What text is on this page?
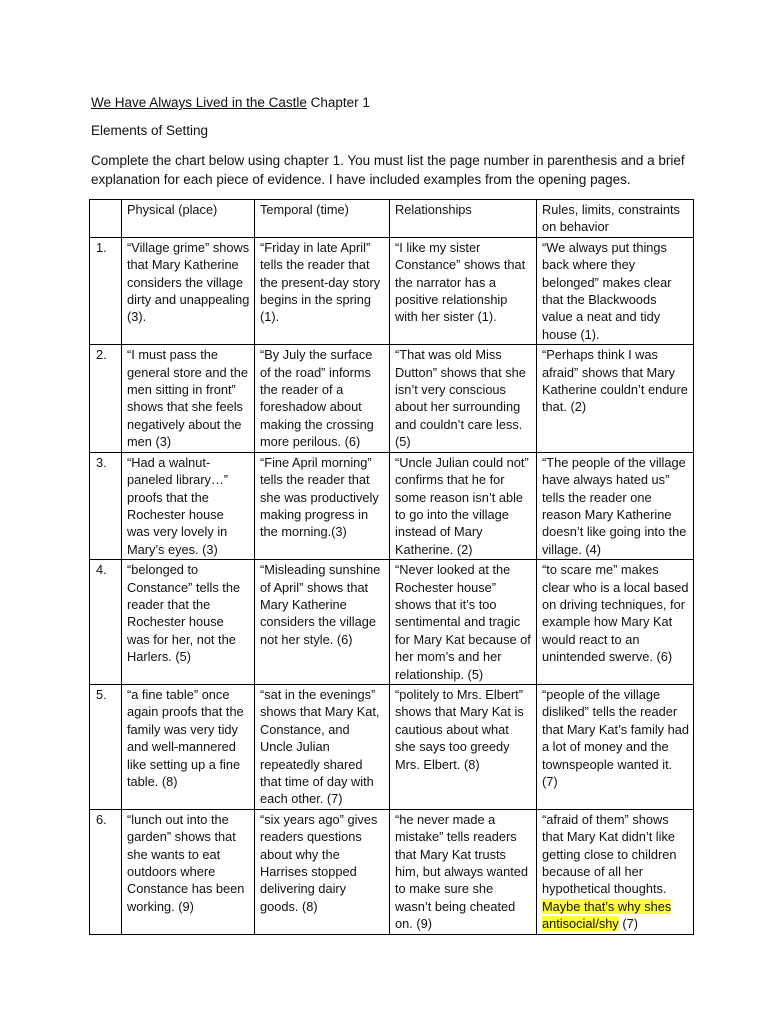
We Have Always Lived in the Castle Chapter 1
Elements of Setting
Complete the chart below using chapter 1. You must list the page number in parenthesis and a brief explanation for each piece of evidence. I have included examples from the opening pages.
	Physical (place)	Temporal (time)	Relationships	Rules, limits, constraints on behavior
1.	“Village grime” shows that Mary Katherine considers the village dirty and unappealing (3).	“Friday in late April” tells the reader that the present-day story begins in the spring (1).	“I like my sister Constance” shows that the narrator has a positive relationship with her sister (1).	“We always put things back where they belonged” makes clear that the Blackwoods value a neat and tidy house (1).
2.	“I must pass the general store and the men sitting in front” shows that she feels negatively about the men (3)	“By July the surface of the road” informs the reader of a foreshadow about making the crossing more perilous. (6)	“That was old Miss Dutton” shows that she isn’t very conscious about her surrounding and couldn’t care less. (5)	“Perhaps think I was afraid” shows that Mary Katherine couldn’t endure that. (2)
3.	“Had a walnut-paneled library…” proofs that the Rochester house was very lovely in Mary’s eyes. (3)	“Fine April morning” tells the reader that she was productively making progress in the morning.(3)	“Uncle Julian could not” confirms that he for some reason isn’t able to go into the village instead of Mary Katherine. (2)	“The people of the village have always hated us” tells the reader one reason Mary Katherine doesn’t like going into the village. (4)
4.	“belonged to Constance” tells the reader that the Rochester house was for her, not the Harlers. (5)	“Misleading sunshine of April” shows that Mary Katherine considers the village not her style. (6)	“Never looked at the Rochester house” shows that it’s too sentimental and tragic for Mary Kat because of her mom’s and her relationship. (5)	“to scare me” makes clear who is a local based on driving techniques, for example how Mary Kat would react to an unintended swerve. (6)
5.	“a fine table” once again proofs that the family was very tidy and well-mannered like setting up a fine table. (8)	“sat in the evenings” shows that Mary Kat, Constance, and Uncle Julian repeatedly shared that time of day with each other. (7)	“politely to Mrs. Elbert” shows that Mary Kat is cautious about what she says too greedy Mrs. Elbert. (8)	“people of the village disliked” tells the reader that Mary Kat’s family had a lot of money and the townspeople wanted it. (7)
6.	“lunch out into the garden” shows that she wants to eat outdoors where Constance has been working. (9)	“six years ago” gives readers questions about why the Harrises stopped delivering dairy goods. (8)	“he never made a mistake” tells readers that Mary Kat trusts him, but always wanted to make sure she wasn’t being cheated on. (9)	“afraid of them” shows that Mary Kat didn’t like getting close to children because of all her hypothetical thoughts. Maybe that’s why shes antisocial/shy (7)
